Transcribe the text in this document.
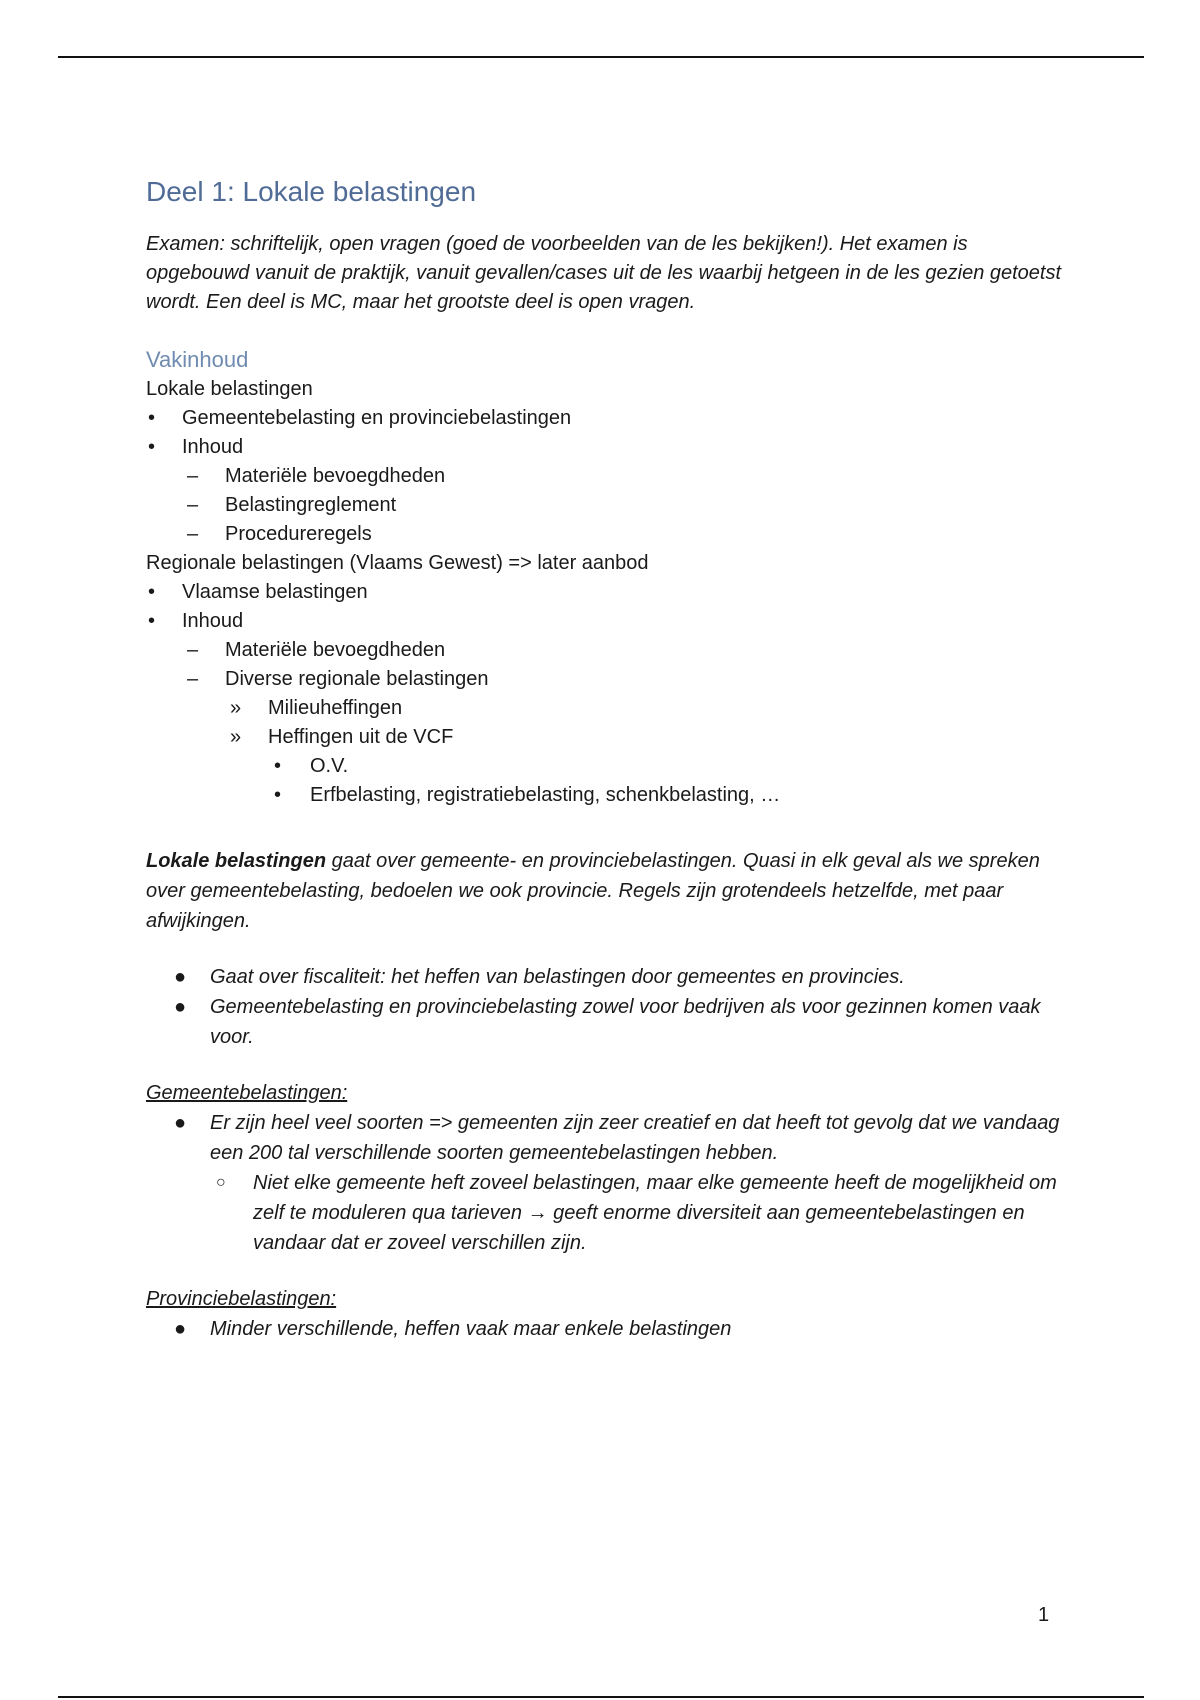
Deel 1: Lokale belastingen

Examen: schriftelijk, open vragen (goed de voorbeelden van de les bekijken!). Het examen is opgebouwd vanuit de praktijk, vanuit gevallen/cases uit de les waarbij hetgeen in de les gezien getoetst wordt. Een deel is MC, maar het grootste deel is open vragen.

Vakinhoud

Lokale belastingen

• Gemeentebelasting en provinciebelastingen
• Inhoud
– Materiële bevoegdheden
– Belastingreglement
– Procedureregels

Regionale belastingen (Vlaams Gewest) => later aanbod

• Vlaamse belastingen
• Inhoud
– Materiële bevoegdheden
– Diverse regionale belastingen
» Milieuheffingen
» Heffingen uit de VCF
• O.V.
• Erfbelasting, registratiebelasting, schenkbelasting, …

Lokale belastingen gaat over gemeente- en provinciebelastingen. Quasi in elk geval als we spreken over gemeentebelasting, bedoelen we ook provincie. Regels zijn grotendeels hetzelfde, met paar afwijkingen.

● Gaat over fiscaliteit: het heffen van belastingen door gemeentes en provincies.
● Gemeentebelasting en provinciebelasting zowel voor bedrijven als voor gezinnen komen vaak voor.

Gemeentebelastingen:

● Er zijn heel veel soorten => gemeenten zijn zeer creatief en dat heeft tot gevolg dat we vandaag een 200 tal verschillende soorten gemeentebelastingen hebben.
○ Niet elke gemeente heft zoveel belastingen, maar elke gemeente heeft de mogelijkheid om zelf te moduleren qua tarieven → geeft enorme diversiteit aan gemeentebelastingen en vandaar dat er zoveel verschillen zijn.

Provinciebelastingen:

● Minder verschillende, heffen vaak maar enkele belastingen
1
